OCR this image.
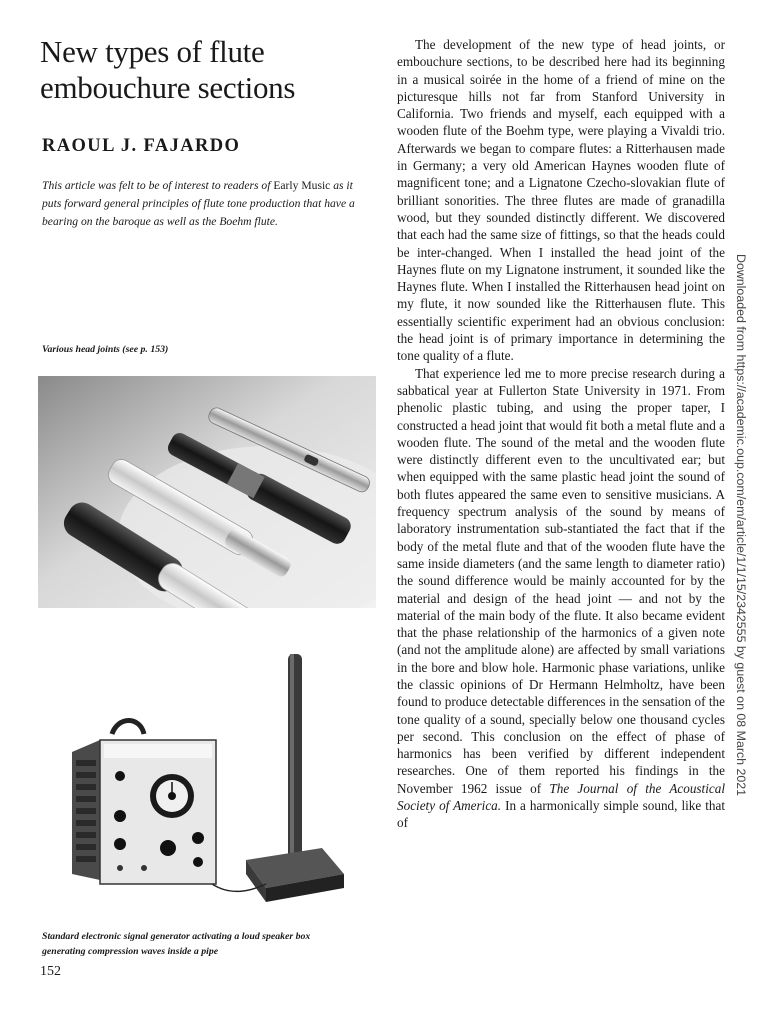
New types of flute embouchure sections
RAOUL J. FAJARDO

This article was felt to be of interest to readers of Early Music as it puts forward general principles of flute tone production that have a bearing on the baroque as well as the Boehm flute.

Various head joints (see p. 153)

Standard electronic signal generator activating a loud speaker box generating compression waves inside a pipe

152

The development of the new type of head joints, or embouchure sections, to be described here had its beginning in a musical soirée in the home of a friend of mine on the picturesque hills not far from Stanford University in California. Two friends and myself, each equipped with a wooden flute of the Boehm type, were playing a Vivaldi trio. Afterwards we began to compare flutes: a Ritterhausen made in Germany; a very old American Haynes wooden flute of magnificent tone; and a Lignatone Czecho-slovakian flute of brilliant sonorities. The three flutes are made of granadilla wood, but they sounded distinctly different. We discovered that each had the same size of fittings, so that the heads could be inter-changed. When I installed the head joint of the Haynes flute on my Lignatone instrument, it sounded like the Haynes flute. When I installed the Ritterhausen head joint on my flute, it now sounded like the Ritterhausen flute. This essentially scientific experiment had an obvious conclusion: the head joint is of primary importance in determining the tone quality of a flute.

That experience led me to more precise research during a sabbatical year at Fullerton State University in 1971. From phenolic plastic tubing, and using the proper taper, I constructed a head joint that would fit both a metal flute and a wooden flute. The sound of the metal and the wooden flute were distinctly different even to the uncultivated ear; but when equipped with the same plastic head joint the sound of both flutes appeared the same even to sensitive musicians. A frequency spectrum analysis of the sound by means of laboratory instrumentation sub-stantiated the fact that if the body of the metal flute and that of the wooden flute have the same inside diameters (and the same length to diameter ratio) the sound difference would be mainly accounted for by the material and design of the head joint — and not by the material of the main body of the flute. It also became evident that the phase relationship of the harmonics of a given note (and not the amplitude alone) are affected by small variations in the bore and blow hole. Harmonic phase variations, unlike the classic opinions of Dr Hermann Helmholtz, have been found to produce detectable differences in the sensation of the tone quality of a sound, specially below one thousand cycles per second. This conclusion on the effect of phase of harmonics has been verified by different independent researches. One of them reported his findings in the November 1962 issue of The Journal of the Acoustical Society of America. In a harmonically simple sound, like that of

Downloaded from https://academic.oup.com/em/article/1/1/15/2342555 by guest on 08 March 2021
